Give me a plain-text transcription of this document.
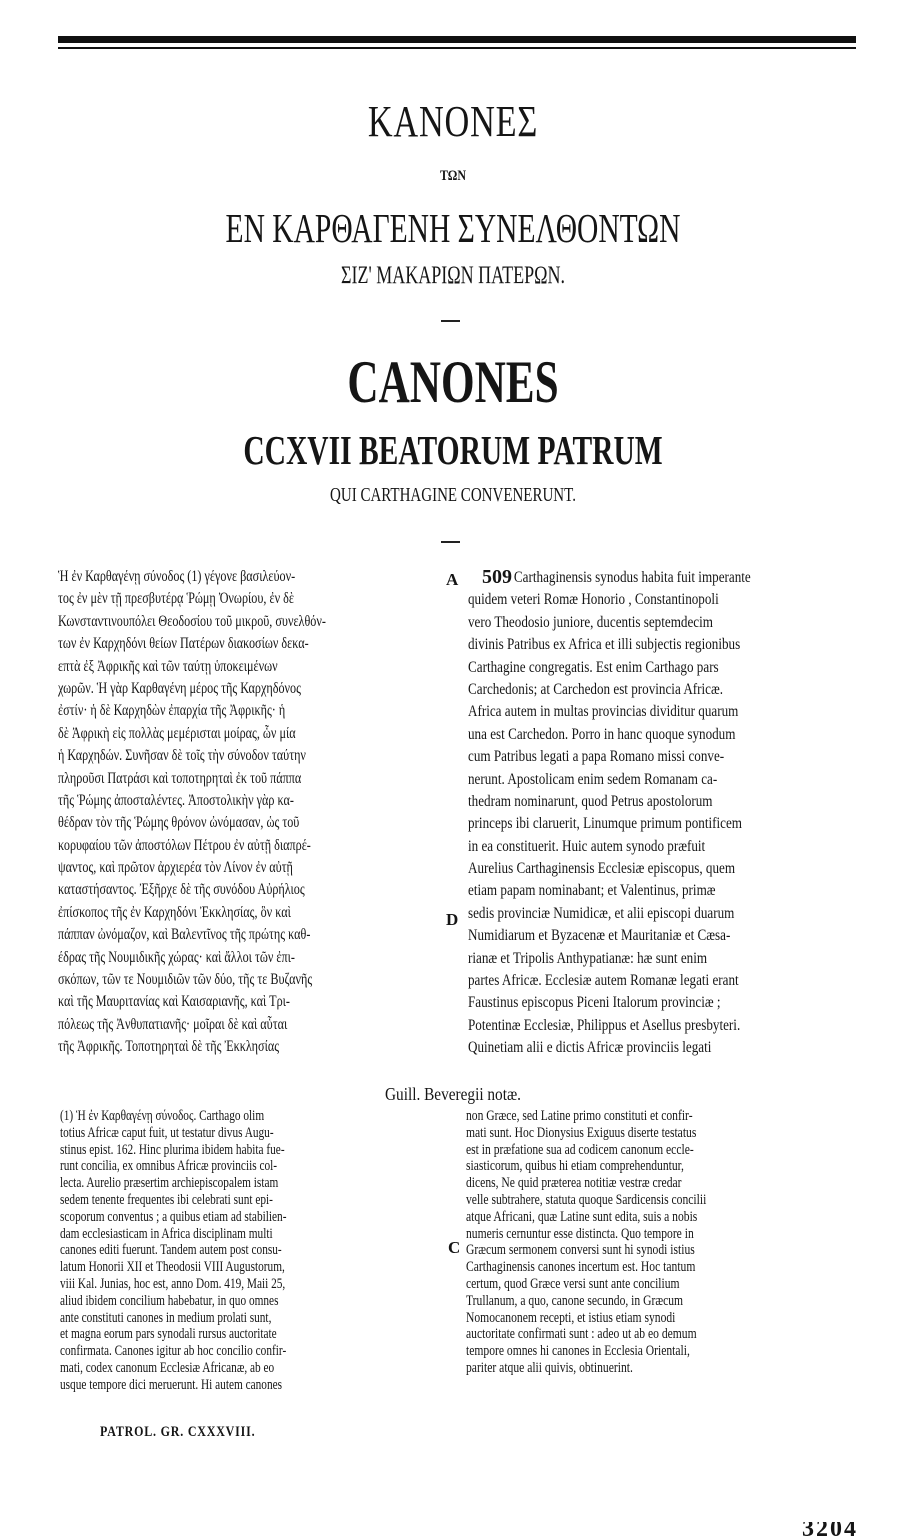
ΚΑΝΟΝΕΣ
ΤΩΝ
ΕΝ ΚΑΡΘΑΓΕΝΗ ΣΥΝΕΛΘΟΝΤΩΝ
ΣΙΖ' ΜΑΚΑΡΙΩΝ ΠΑΤΕΡΩΝ.
CANONES
CCXVII BEATORUM PATRUM
QUI CARTHAGINE CONVENERUNT.
Ἡ ἐν Καρθαγένῃ σύνοδος (1) γέγονε βασιλεύον-
τος ἐν μὲν τῇ πρεσβυτέρᾳ Ῥώμῃ Ὀνωρίου, ἐν δὲ
Κωνσταντινουπόλει Θεοδοσίου τοῦ μικροῦ, συνελθόν-
των ἐν Καρχηδόνι θείων Πατέρων διακοσίων δεκα-
επτὰ ἐξ Ἀφρικῆς καὶ τῶν ταύτῃ ὑποκειμένων
χωρῶν. Ἡ γὰρ Καρθαγένη μέρος τῆς Καρχηδόνος
ἐστίν· ἡ δὲ Καρχηδὼν ἐπαρχία τῆς Ἀφρικῆς· ἡ
δὲ Ἀφρικὴ εἰς πολλὰς μεμέρισται μοίρας, ὧν μία
ἡ Καρχηδών. Συνῆσαν δὲ τοῖς τὴν σύνοδον ταύτην
πληροῦσι Πατράσι καὶ τοποτηρηταὶ ἐκ τοῦ πάππα
τῆς Ῥώμης ἀποσταλέντες. Ἀποστολικὴν γὰρ κα-
θέδραν τὸν τῆς Ῥώμης θρόνον ὠνόμασαν, ὡς τοῦ
κορυφαίου τῶν ἀποστόλων Πέτρου ἐν αὐτῇ διαπρέ-
ψαντος, καὶ πρῶτον ἀρχιερέα τὸν Λίνον ἐν αὐτῇ
καταστήσαντος. Ἐξῆρχε δὲ τῆς συνόδου Αὐρήλιος
ἐπίσκοπος τῆς ἐν Καρχηδόνι Ἐκκλησίας, ὃν καὶ
πάππαν ὠνόμαζον, καὶ Βαλεντῖνος τῆς πρώτης καθ-
έδρας τῆς Νουμιδικῆς χώρας· καὶ ἄλλοι τῶν ἐπι-
σκόπων, τῶν τε Νουμιδιῶν τῶν δύο, τῆς τε Βυζανῆς
καὶ τῆς Μαυριτανίας καὶ Καισαριανῆς, καὶ Τρι-
πόλεως τῆς Ἀνθυπατιανῆς· μοῖραι δὲ καὶ αὗται
τῆς Ἀφρικῆς. Τοποτηρηταὶ δὲ τῆς Ἐκκλησίας
509 Carthaginensis synodus habita fuit imperante
quidem veteri Romæ Honorio , Constantinopoli
vero Theodosio juniore, ducentis septemdecim
divinis Patribus ex Africa et illi subjectis regionibus
Carthagine congregatis. Est enim Carthago pars
Carchedonis; at Carchedon est provincia Africæ.
Africa autem in multas provincias dividitur quarum
una est Carchedon. Porro in hanc quoque synodum
cum Patribus legati a papa Romano missi conve-
nerunt. Apostolicam enim sedem Romanam ca-
thedram nominarunt, quod Petrus apostolorum
princeps ibi claruerit, Linumque primum pontificem
in ea constituerit. Huic autem synodo præfuit
Aurelius Carthaginensis Ecclesiæ episcopus, quem
etiam papam nominabant; et Valentinus, primæ
sedis provinciæ Numidicæ, et alii episcopi duarum
Numidiarum et Byzacenæ et Mauritaniæ et Cæsa-
rianæ et Tripolis Anthypatianæ: hæ sunt enim
partes Africæ. Ecclesiæ autem Romanæ legati erant
Faustinus episcopus Piceni Italorum provinciæ ;
Potentinæ Ecclesiæ, Philippus et Asellus presbyteri.
Quinetiam alii e dictis Africæ provinciis legati
A
D
C
Guill. Beveregii notæ.
(1) Ἡ ἐν Καρθαγένῃ σύνοδος. Carthago olim
totius Africæ caput fuit, ut testatur divus Augu-
stinus epist. 162. Hinc plurima ibidem habita fue-
runt concilia, ex omnibus Africæ provinciis col-
lecta. Aurelio præsertim archiepiscopalem istam
sedem tenente frequentes ibi celebrati sunt epi-
scoporum conventus ; a quibus etiam ad stabilien-
dam ecclesiasticam in Africa disciplinam multi
canones editi fuerunt. Tandem autem post consu-
latum Honorii XII et Theodosii VIII Augustorum,
viii Kal. Junias, hoc est, anno Dom. 419, Maii 25,
aliud ibidem concilium habebatur, in quo omnes
ante constituti canones in medium prolati sunt,
et magna eorum pars synodali rursus auctoritate
confirmata. Canones igitur ab hoc concilio confir-
mati, codex canonum Ecclesiæ Africanæ, ab eo
usque tempore dici meruerunt. Hi autem canones
non Græce, sed Latine primo constituti et confir-
mati sunt. Hoc Dionysius Exiguus diserte testatus
est in præfatione sua ad codicem canonum eccle-
siasticorum, quibus hi etiam comprehenduntur,
dicens, Ne quid præterea notitiæ vestræ credar
velle subtrahere, statuta quoque Sardicensis concilii
atque Africani, quæ Latine sunt edita, suis a nobis
numeris cernuntur esse distincta. Quo tempore in
Græcum sermonem conversi sunt hi synodi istius
Carthaginensis canones incertum est. Hoc tantum
certum, quod Græce versi sunt ante concilium
Trullanum, a quo, canone secundo, in Græcum
Nomocanonem recepti, et istius etiam synodi
auctoritate confirmati sunt : adeo ut ab eo demum
tempore omnes hi canones in Ecclesia Orientali,
pariter atque alii quivis, obtinuerint.
PATROL. GR. CXXXVIII.
3204
